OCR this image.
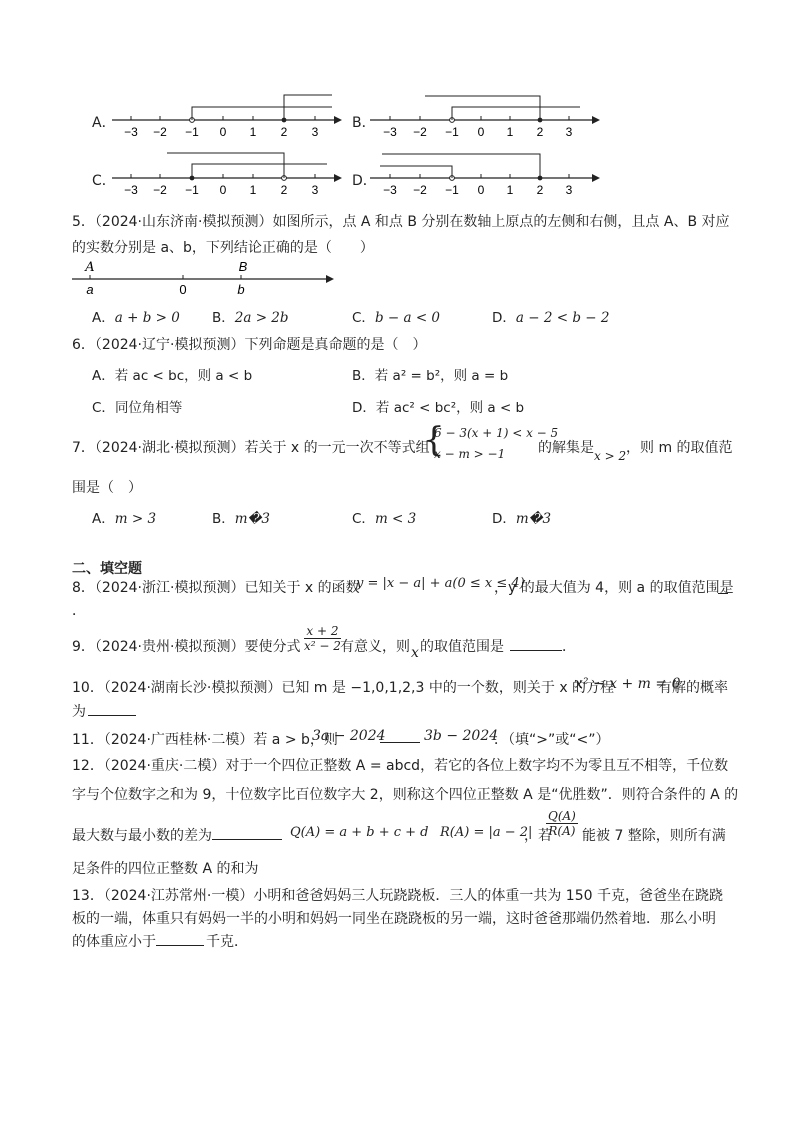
A．
−3 −2 −1 0 1 2 3
B．
−3 −2 −1 0 1 2 3
C．
−3 −2 −1 0 1 2 3
D．
−3 −2 −1 0 1 2 3
5．（2024·山东济南·模拟预测）如图所示，点 A 和点 B 分别在数轴上原点的左侧和右侧，且点 A、B 对应
的实数分别是 a、b，下列结论正确的是（　　）
A	B
a	0	b
A．a + b > 0 B．2a > 2b	C．b − a < 0	D．a − 2 < b − 2
6．（2024·辽宁·模拟预测）下列命题是真命题的是（　）
A．若 ac < bc，则 a < b	B．若 a² = b²，则 a = b
C．同位角相等	D．若 ac² < bc²，则 a < b
7．（2024·湖北·模拟预测）若关于 x 的一元一次不等式组
{
6 − 3(x + 1) < x − 5
x − m > −1 的解集是 x > 2 ，则 m 的取值范
围是（　）
A．m > 3	B．m�3	C．m < 3	D．m�3
二、填空题
8．（2024·浙江·模拟预测）已知关于 x 的函数
y = |x − a| + a(0 ≤ x ≤ 4)
，y 的最大值为 4，则 a 的取值范围是
．
9．（2024·贵州·模拟预测）要使分式 $\frac{x + 2}{\text{x² − 2}}$
有意义，则 x 的取值范围是	．
10．（2024·湖南长沙·模拟预测）已知 m 是 −1,0,1,2,3 中的一个数，则关于 x 的方程
x² − x + m = 0
有解的概率
为
11．（2024·广西桂林·二模）若 a > b，则
3a − 2024	3b − 2024
．（填“>”或“<”）
12．（2024·重庆·二模）对于一个四位正整数 A = abcd，若它的各位上数字均不为零且互不相等，千位数
字与个位数字之和为 9，十位数字比百位数字大 2，则称这个四位正整数 A 是“优胜数”．则符合条件的 A 的
最大数与最小数的差为	Q(A) = a + b + c + d R(A) = |a − 2|
，若
$\frac{Q(A)}{R(A)}$ 能被 7 整除，则所有满
足条件的四位正整数 A 的和为
13．（2024·江苏常州·一模）小明和爸爸妈妈三人玩跷跷板．三人的体重一共为 150 千克，爸爸坐在跷跷
板的一端，体重只有妈妈一半的小明和妈妈一同坐在跷跷板的另一端，这时爸爸那端仍然着地．那么小明
的体重应小于	千克．
